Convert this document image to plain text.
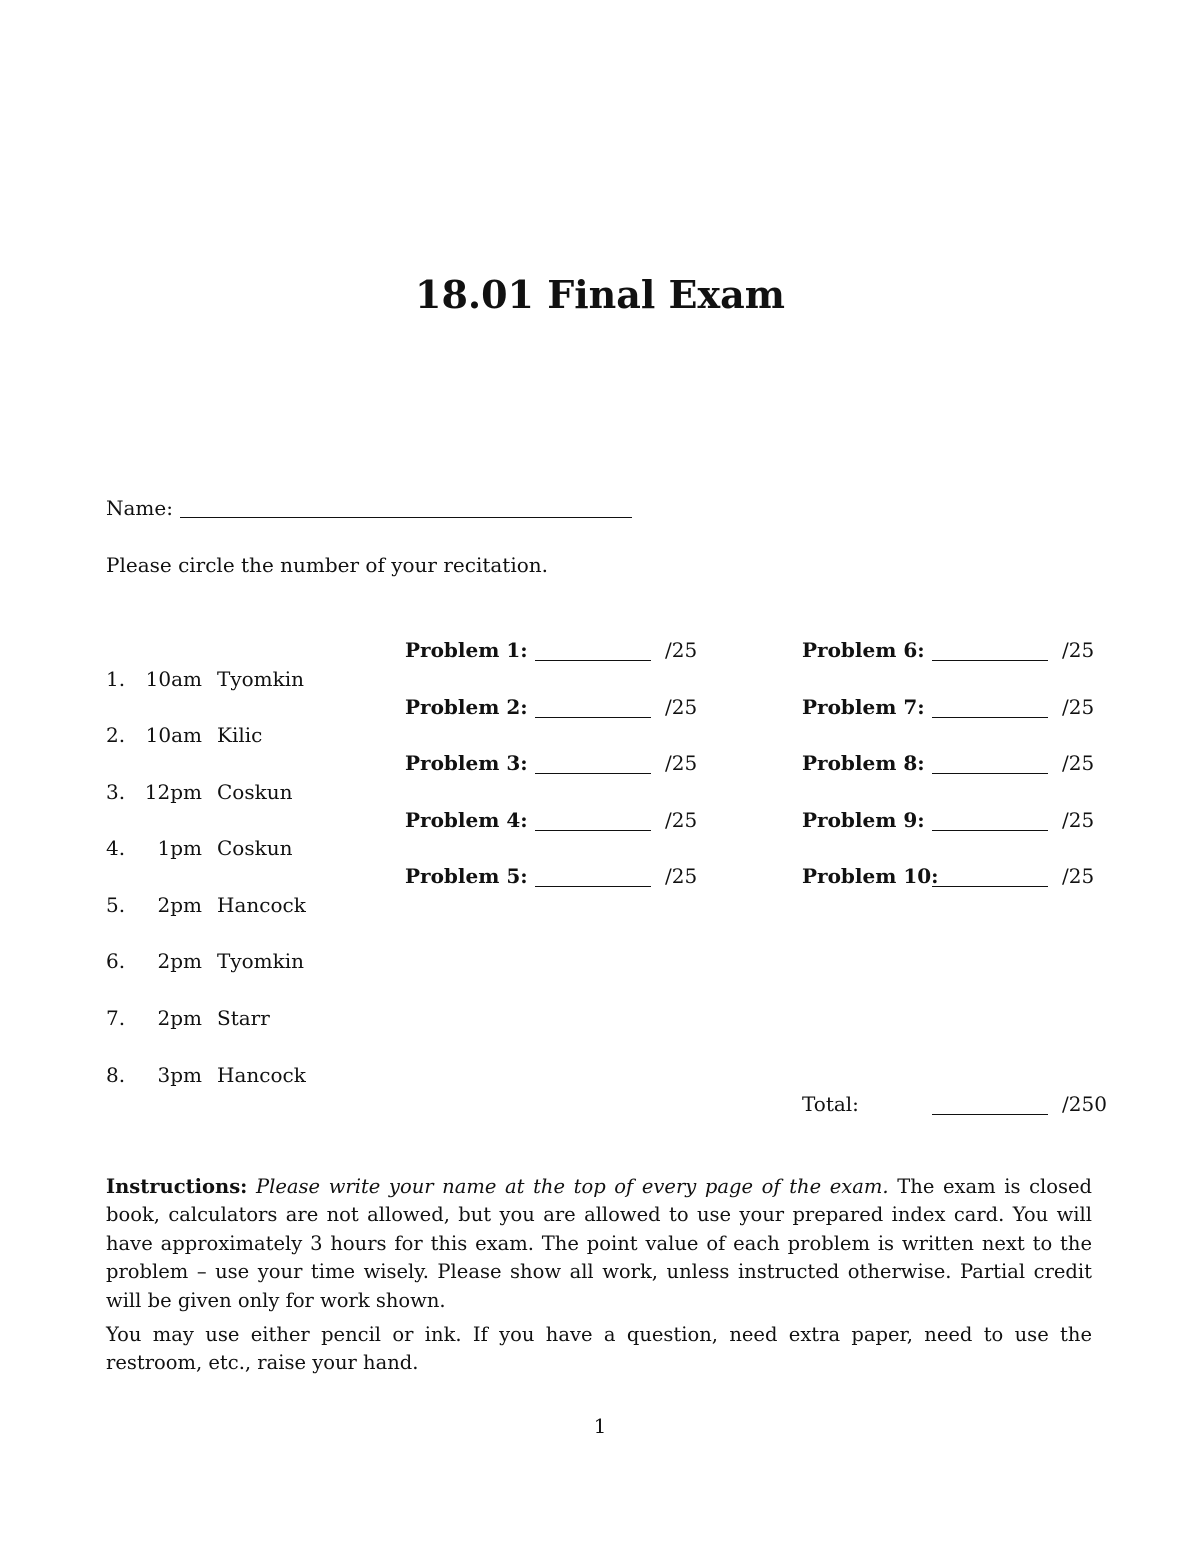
18.01 Final Exam
Name:
Please circle the number of your recitation.
1. 10am Tyomkin
2. 10am Kilic
3. 12pm Coskun
4.	1pm Coskun
5.	2pm Hancock
6.	2pm Tyomkin
7.	2pm Starr
8.	3pm Hancock
Problem 1:	/25
Problem 2:	/25
Problem 3:	/25
Problem 4:	/25
Problem 5:	/25
Problem 6:	/25
Problem 7:	/25
Problem 8:	/25
Problem 9:	/25
Problem 10:	/25
Total:	/250

Instructions: Please write your name at the top of every page of the exam. The exam is closed book, calculators are not allowed, but you are allowed to use your prepared index card. You will have approximately 3 hours for this exam. The point value of each problem is written next to the problem – use your time wisely. Please show all work, unless instructed otherwise. Partial credit will be given only for work shown.

You may use either pencil or ink. If you have a question, need extra paper, need to use the restroom, etc., raise your hand.

1
